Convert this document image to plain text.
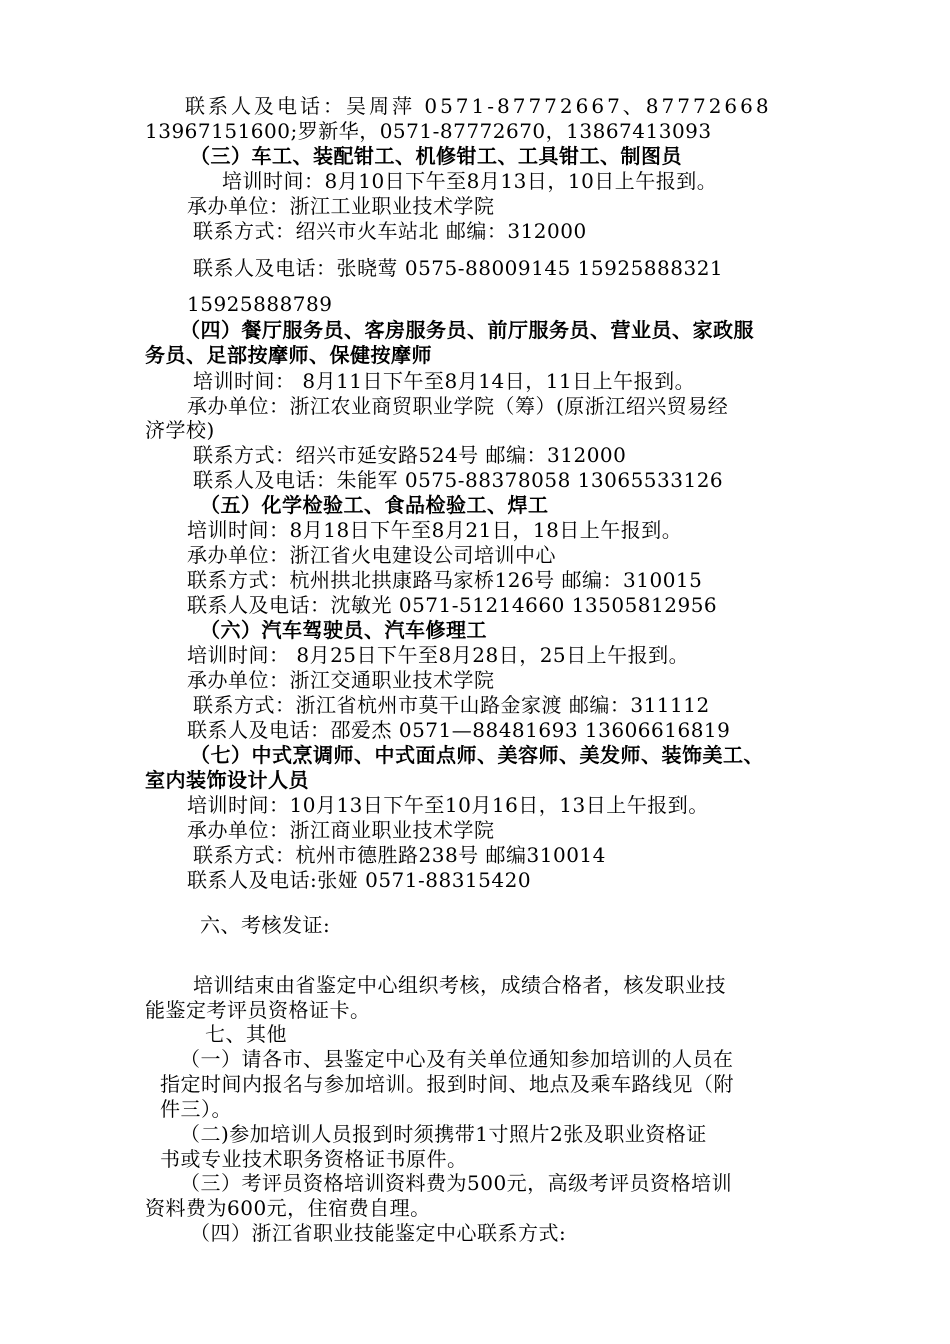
联系人及电话：吴周萍 0571-87772667、87772668
13967151600;罗新华，0571-87772670，13867413093
（三）车工、装配钳工、机修钳工、工具钳工、制图员
培训时间：8月10日下午至8月13日，10日上午报到。
承办单位：浙江工业职业技术学院
联系方式：绍兴市火车站北 邮编：312000
联系人及电话：张晓莺 0575-88009145 15925888321
15925888789
（四）餐厅服务员、客房服务员、前厅服务员、营业员、家政服
务员、足部按摩师、保健按摩师
培训时间： 8月11日下午至8月14日，11日上午报到。
承办单位：浙江农业商贸职业学院（筹）(原浙江绍兴贸易经
济学校)
联系方式：绍兴市延安路524号 邮编：312000
联系人及电话：朱能军 0575-88378058 13065533126
（五）化学检验工、食品检验工、焊工
培训时间：8月18日下午至8月21日，18日上午报到。
承办单位：浙江省火电建设公司培训中心
联系方式：杭州拱北拱康路马家桥126号 邮编：310015
联系人及电话：沈敏光 0571-51214660 13505812956
（六）汽车驾驶员、汽车修理工
培训时间： 8月25日下午至8月28日，25日上午报到。
承办单位：浙江交通职业技术学院
联系方式：浙江省杭州市莫干山路金家渡 邮编：311112
联系人及电话：邵爱杰 0571—88481693 13606616819
（七）中式烹调师、中式面点师、美容师、美发师、装饰美工、
室内装饰设计人员
培训时间：10月13日下午至10月16日，13日上午报到。
承办单位：浙江商业职业技术学院
联系方式：杭州市德胜路238号 邮编310014
联系人及电话:张娅 0571-88315420
六、考核发证:
培训结束由省鉴定中心组织考核，成绩合格者，核发职业技
能鉴定考评员资格证卡。
七、其他
（一）请各市、县鉴定中心及有关单位通知参加培训的人员在
指定时间内报名与参加培训。报到时间、地点及乘车路线见（附
件三）。
（二)参加培训人员报到时须携带1寸照片2张及职业资格证
书或专业技术职务资格证书原件。
（三）考评员资格培训资料费为500元，高级考评员资格培训
资料费为600元，住宿费自理。
（四）浙江省职业技能鉴定中心联系方式:
